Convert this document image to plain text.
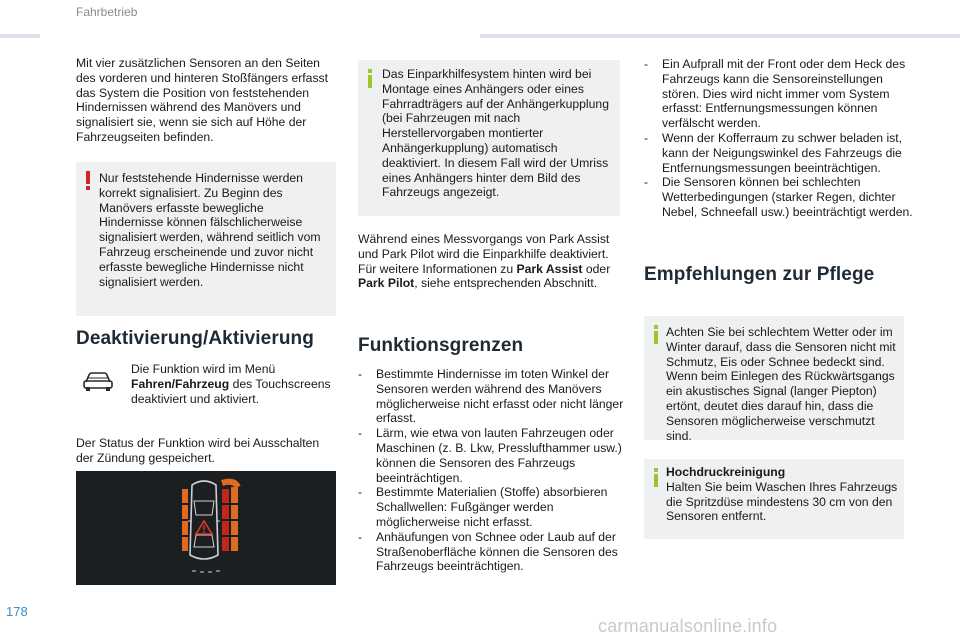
Fahrbetrieb
Mit vier zusätzlichen Sensoren an den Seiten des vorderen und hinteren Stoßfängers erfasst das System die Position von feststehenden Hindernissen während des Manövers und signalisiert sie, wenn sie sich auf Höhe der Fahrzeugseiten befinden.
Nur feststehende Hindernisse werden korrekt signalisiert. Zu Beginn des Manövers erfasste bewegliche Hindernisse können fälschlicherweise signalisiert werden, während seitlich vom Fahrzeug erscheinende und zuvor nicht erfasste bewegliche Hindernisse nicht signalisiert werden.
Deaktivierung/Aktivierung
Die Funktion wird im Menü Fahren/Fahrzeug des Touchscreens deaktiviert und aktiviert.
Der Status der Funktion wird bei Ausschalten der Zündung gespeichert.
Das Einparkhilfesystem hinten wird bei Montage eines Anhängers oder eines Fahrradträgers auf der Anhängerkupplung (bei Fahrzeugen mit nach Herstellervorgaben montierter Anhängerkupplung) automatisch deaktiviert. In diesem Fall wird der Umriss eines Anhängers hinter dem Bild des Fahrzeugs angezeigt.
Während eines Messvorgangs von Park Assist und Park Pilot wird die Einparkhilfe deaktiviert. Für weitere Informationen zu Park Assist oder Park Pilot, siehe entsprechenden Abschnitt.
Funktionsgrenzen
- Bestimmte Hindernisse im toten Winkel der Sensoren werden während des Manövers möglicherweise nicht erfasst oder nicht länger erfasst.
- Lärm, wie etwa von lauten Fahrzeugen oder Maschinen (z. B. Lkw, Presslufthammer usw.) können die Sensoren des Fahrzeugs beeinträchtigen.
- Bestimmte Materialien (Stoffe) absorbieren Schallwellen: Fußgänger werden möglicherweise nicht erfasst.
- Anhäufungen von Schnee oder Laub auf der Straßenoberfläche können die Sensoren des Fahrzeugs beeinträchtigen.
- Ein Aufprall mit der Front oder dem Heck des Fahrzeugs kann die Sensoreinstellungen stören. Dies wird nicht immer vom System erfasst: Entfernungsmessungen können verfälscht werden.
- Wenn der Kofferraum zu schwer beladen ist, kann der Neigungswinkel des Fahrzeugs die Entfernungsmessungen beeinträchtigen.
- Die Sensoren können bei schlechten Wetterbedingungen (starker Regen, dichter Nebel, Schneefall usw.) beeinträchtigt werden.
Empfehlungen zur Pflege
Achten Sie bei schlechtem Wetter oder im Winter darauf, dass die Sensoren nicht mit Schmutz, Eis oder Schnee bedeckt sind. Wenn beim Einlegen des Rückwärtsgangs ein akustisches Signal (langer Piepton) ertönt, deutet dies darauf hin, dass die Sensoren möglicherweise verschmutzt sind.
Hochdruckreinigung
Halten Sie beim Waschen Ihres Fahrzeugs die Spritzdüse mindestens 30 cm von den Sensoren entfernt.
178
carmanualsonline.info
